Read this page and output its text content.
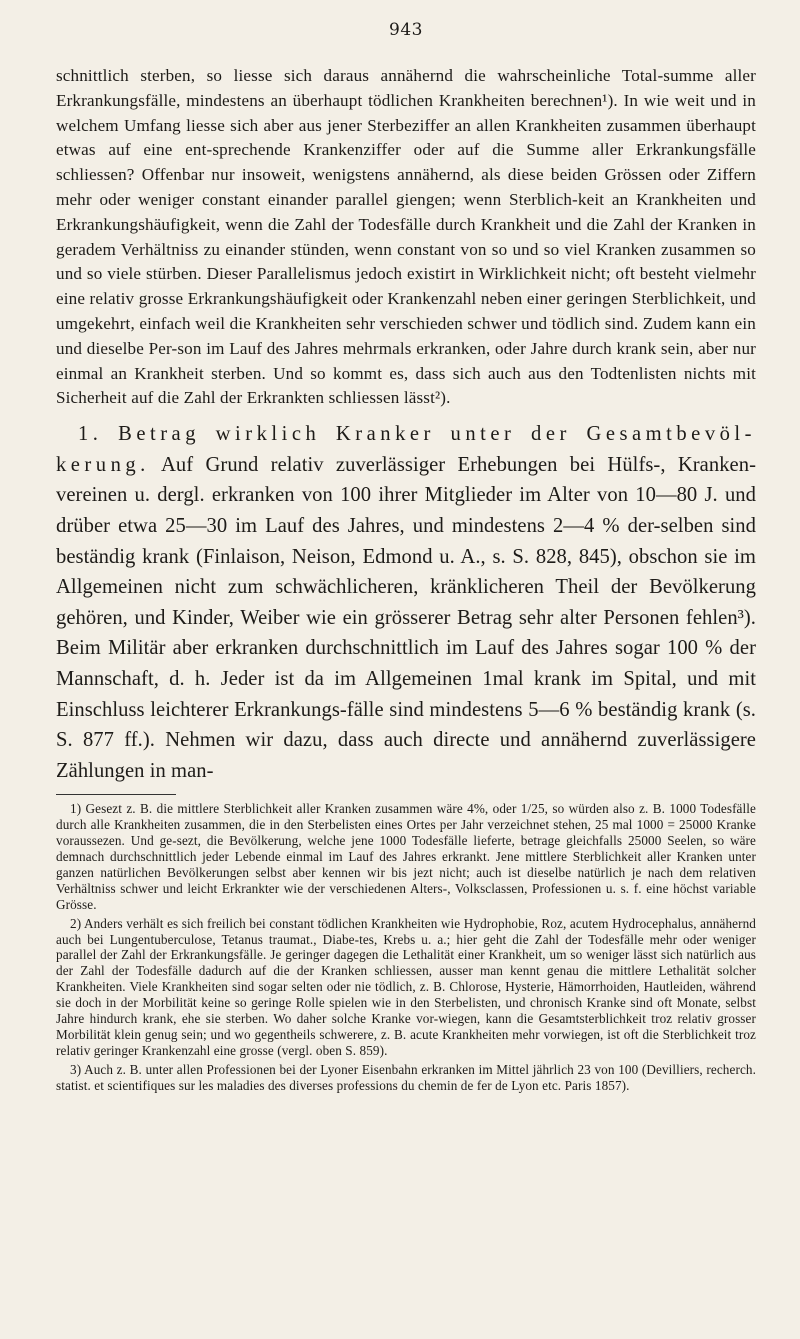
943

schnittlich sterben, so liesse sich daraus annähernd die wahrscheinliche Total-summe aller Erkrankungsfälle, mindestens an überhaupt tödlichen Krankheiten berechnen¹). In wie weit und in welchem Umfang liesse sich aber aus jener Sterbeziffer an allen Krankheiten zusammen überhaupt etwas auf eine ent-sprechende Krankenziffer oder auf die Summe aller Erkrankungsfälle schliessen? Offenbar nur insoweit, wenigstens annähernd, als diese beiden Grössen oder Ziffern mehr oder weniger constant einander parallel giengen; wenn Sterblich-keit an Krankheiten und Erkrankungshäufigkeit, wenn die Zahl der Todesfälle durch Krankheit und die Zahl der Kranken in geradem Verhältniss zu einander stünden, wenn constant von so und so viel Kranken zusammen so und so viele stürben. Dieser Parallelismus jedoch existirt in Wirklichkeit nicht; oft besteht vielmehr eine relativ grosse Erkrankungshäufigkeit oder Krankenzahl neben einer geringen Sterblichkeit, und umgekehrt, einfach weil die Krankheiten sehr verschieden schwer und tödlich sind. Zudem kann ein und dieselbe Per-son im Lauf des Jahres mehrmals erkranken, oder Jahre durch krank sein, aber nur einmal an Krankheit sterben. Und so kommt es, dass sich auch aus den Todtenlisten nichts mit Sicherheit auf die Zahl der Erkrankten schliessen lässt²).

1. Betrag wirklich Kranker unter der Gesamtbevöl-kerung. Auf Grund relativ zuverlässiger Erhebungen bei Hülfs-, Kranken-vereinen u. dergl. erkranken von 100 ihrer Mitglieder im Alter von 10—80 J. und drüber etwa 25—30 im Lauf des Jahres, und mindestens 2—4 % der-selben sind beständig krank (Finlaison, Neison, Edmond u. A., s. S. 828, 845), obschon sie im Allgemeinen nicht zum schwächlicheren, kränklicheren Theil der Bevölkerung gehören, und Kinder, Weiber wie ein grösserer Betrag sehr alter Personen fehlen³). Beim Militär aber erkranken durchschnittlich im Lauf des Jahres sogar 100 % der Mannschaft, d. h. Jeder ist da im Allgemeinen 1mal krank im Spital, und mit Einschluss leichterer Erkrankungs-fälle sind mindestens 5—6 % beständig krank (s. S. 877 ff.). Nehmen wir dazu, dass auch directe und annähernd zuverlässigere Zählungen in man-

1) Gesezt z. B. die mittlere Sterblichkeit aller Kranken zusammen wäre 4%, oder 1/25, so würden also z. B. 1000 Todesfälle durch alle Krankheiten zusammen, die in den Sterbelisten eines Ortes per Jahr verzeichnet stehen, 25 mal 1000 = 25000 Kranke voraussezen. Und ge-sezt, die Bevölkerung, welche jene 1000 Todesfälle lieferte, betrage gleichfalls 25000 Seelen, so wäre demnach durchschnittlich jeder Lebende einmal im Lauf des Jahres erkrankt. Jene mittlere Sterblichkeit aller Kranken unter ganzen natürlichen Bevölkerungen selbst aber kennen wir bis jezt nicht; auch ist dieselbe natürlich je nach dem relativen Verhältniss schwer und leicht Erkrankter wie der verschiedenen Alters-, Volksclassen, Professionen u. s. f. eine höchst variable Grösse.

2) Anders verhält es sich freilich bei constant tödlichen Krankheiten wie Hydrophobie, Roz, acutem Hydrocephalus, annähernd auch bei Lungentuberculose, Tetanus traumat., Diabe-tes, Krebs u. a.; hier geht die Zahl der Todesfälle mehr oder weniger parallel der Zahl der Erkrankungsfälle. Je geringer dagegen die Lethalität einer Krankheit, um so weniger lässt sich natürlich aus der Zahl der Todesfälle dadurch auf die der Kranken schliessen, ausser man kennt genau die mittlere Lethalität solcher Krankheiten. Viele Krankheiten sind sogar selten oder nie tödlich, z. B. Chlorose, Hysterie, Hämorrhoiden, Hautleiden, während sie doch in der Morbilität keine so geringe Rolle spielen wie in den Sterbelisten, und chronisch Kranke sind oft Monate, selbst Jahre hindurch krank, ehe sie sterben. Wo daher solche Kranke vor-wiegen, kann die Gesamtsterblichkeit troz relativ grosser Morbilität klein genug sein; und wo gegentheils schwerere, z. B. acute Krankheiten mehr vorwiegen, ist oft die Sterblichkeit troz relativ geringer Krankenzahl eine grosse (vergl. oben S. 859).

3) Auch z. B. unter allen Professionen bei der Lyoner Eisenbahn erkranken im Mittel jährlich 23 von 100 (Devilliers, recherch. statist. et scientifiques sur les maladies des diverses professions du chemin de fer de Lyon etc. Paris 1857).
